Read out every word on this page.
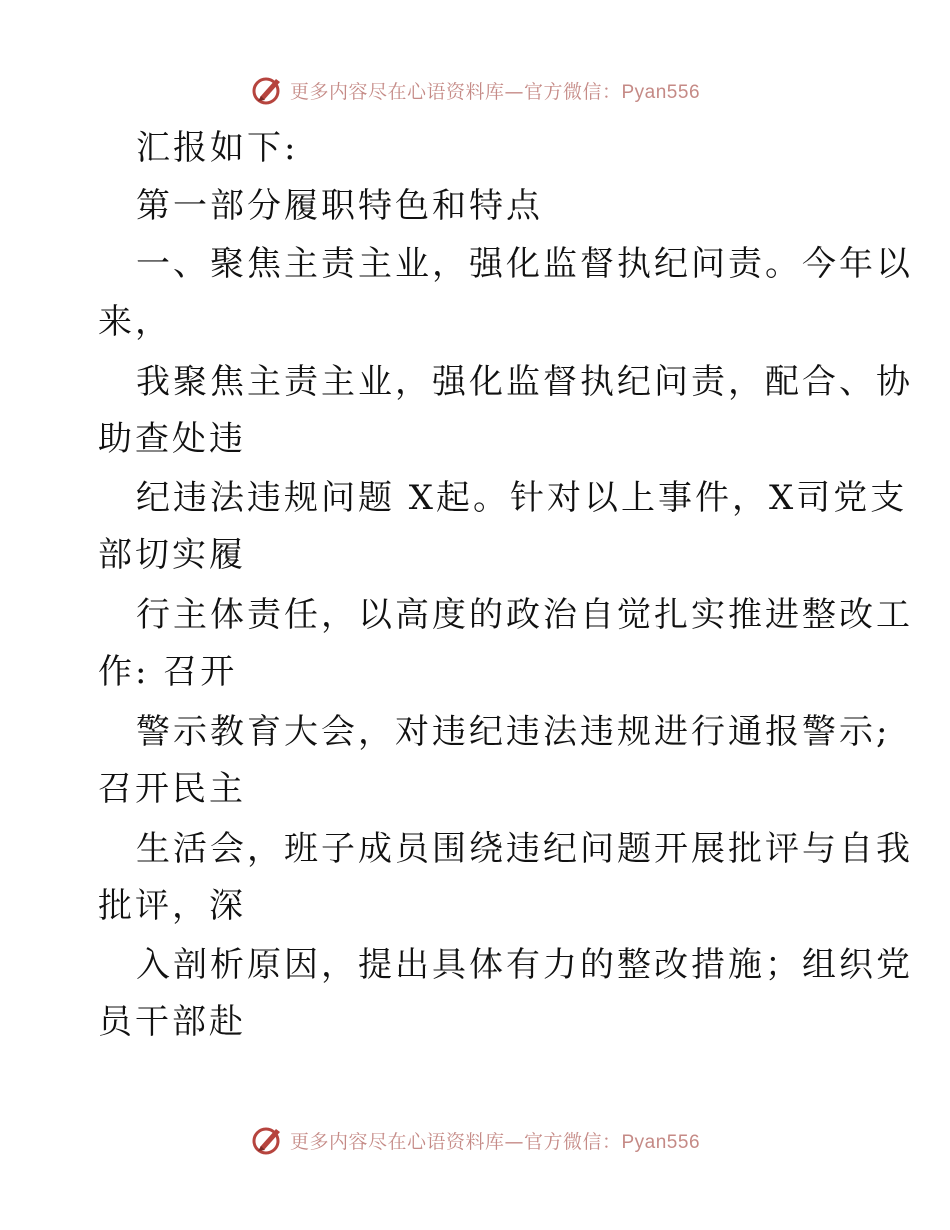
更多内容尽在心语资料库—官方微信：Pyan556
汇报如下:
第一部分履职特色和特点
一、聚焦主责主业，强化监督执纪问责。今年以
来，
我聚焦主责主业，强化监督执纪问责，配合、协
助查处违
纪违法违规问题 X起。针对以上事件，X司党支
部切实履
行主体责任，以高度的政治自觉扎实推进整改工
作: 召开
警示教育大会，对违纪违法违规进行通报警示;
召开民主
生活会，班子成员围绕违纪问题开展批评与自我
批评，深
入剖析原因，提出具体有力的整改措施；组织党
员干部赴
更多内容尽在心语资料库—官方微信：Pyan556
